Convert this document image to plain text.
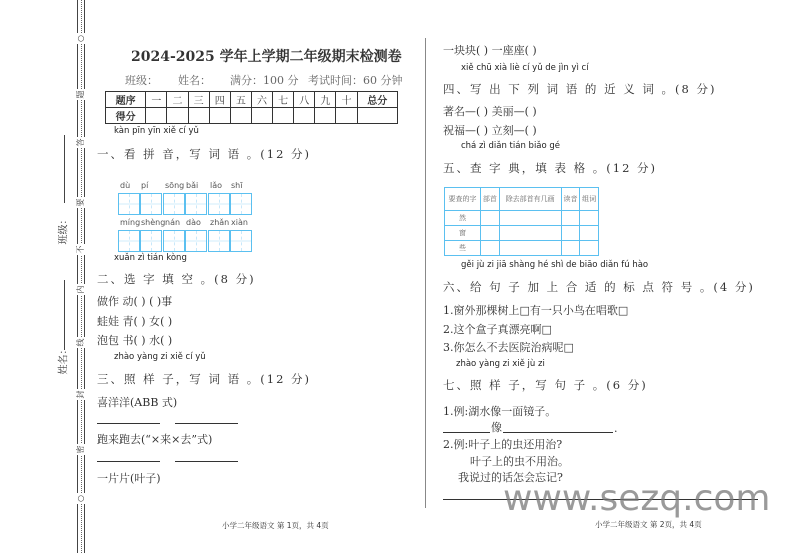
班级：
姓名：
2024-2025 学年上学期二年级期末检测卷
班级： 姓名： 满分：100 分 考试时间：60 分钟
题序	一	二	三	四	五	六	七	八	九	十	总分
得分											
kàn pīn yīn xiě cí yǔ
一、看 拼 音，写 词 语 。(12 分)
dù pí sōng bǎi lǎo shī
míng shèng nán dào zhǎn xiàn
xuǎn zì tián kòng
二、选 字 填 空 。(8 分)
做作 动( ) ( )事
蛙娃 青( ) 女( )
泡包 书( ) 水( )
zhào yàng zi xiě cí yǔ
三、照 样 子，写 词 语 。(12 分)
喜洋洋(ABB 式)
跑来跑去(“×来×去”式)
一片片(叶子)
小学二年级语文 第 1页，共 4页
一块块( ) 一座座( )
xiě chū xià liè cí yǔ de jìn yì cí
四、写 出 下 列 词 语 的 近 义 词 。(8 分)
著名—( ) 美丽—( )
祝福—( ) 立刻—( )
chá zì diǎn tián biǎo gé
五、查 字 典，填 表 格 。(12 分)
要查的字	部首	除去部首有几画	读音	组词
然				
窗				
些				
gěi jù zi jiā shàng hé shì de biāo diǎn fú hào
六、给 句 子 加 上 合 适 的 标 点 符 号 。(4 分)
1.窗外那棵树上□有一只小鸟在唱歌□
2.这个盒子真漂亮啊□
3.你怎么不去医院治病呢□
zhào yàng zi xiě jù zi
七、照 样 子，写 句 子 。(6 分)
1.例:湖水像一面镜子。
像	.
2.例:叶子上的虫还用治?
叶子上的虫不用治。
我说过的话怎会忘记?
www.sezq.com
小学二年级语文 第 2页，共 4页
○
题
答
要
不
内
线
封
密
○
